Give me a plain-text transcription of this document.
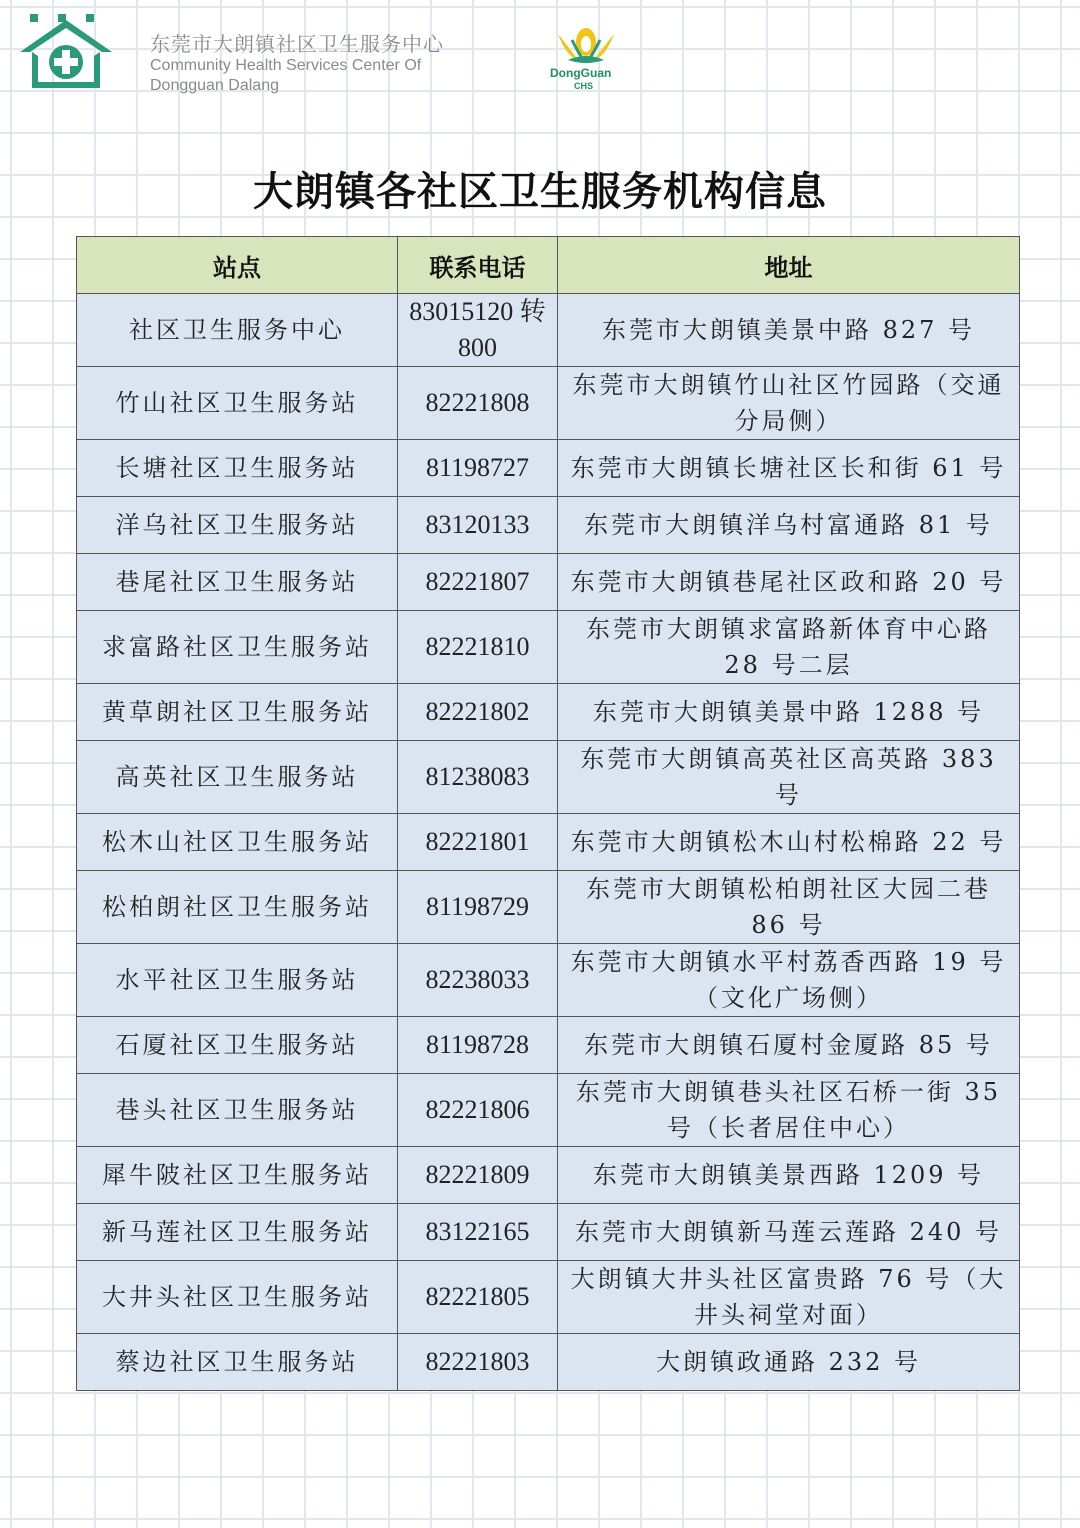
东莞市大朗镇社区卫生服务中心
Community Health Services Center Of
Dongguan Dalang
DongGuan
CHS
大朗镇各社区卫生服务机构信息
站点	联系电话	地址
社区卫生服务中心	83015120 转 800	东莞市大朗镇美景中路 827 号
竹山社区卫生服务站	82221808	东莞市大朗镇竹山社区竹园路（交通分局侧）
长塘社区卫生服务站	81198727	东莞市大朗镇长塘社区长和街 61 号
洋乌社区卫生服务站	83120133	东莞市大朗镇洋乌村富通路 81 号
巷尾社区卫生服务站	82221807	东莞市大朗镇巷尾社区政和路 20 号
求富路社区卫生服务站	82221810	东莞市大朗镇求富路新体育中心路 28 号二层
黄草朗社区卫生服务站	82221802	东莞市大朗镇美景中路 1288 号
高英社区卫生服务站	81238083	东莞市大朗镇高英社区高英路 383 号
松木山社区卫生服务站	82221801	东莞市大朗镇松木山村松棉路 22 号
松柏朗社区卫生服务站	81198729	东莞市大朗镇松柏朗社区大园二巷 86 号
水平社区卫生服务站	82238033	东莞市大朗镇水平村荔香西路 19 号（文化广场侧）
石厦社区卫生服务站	81198728	东莞市大朗镇石厦村金厦路 85 号
巷头社区卫生服务站	82221806	东莞市大朗镇巷头社区石桥一街 35 号（长者居住中心）
犀牛陂社区卫生服务站	82221809	东莞市大朗镇美景西路 1209 号
新马莲社区卫生服务站	83122165	东莞市大朗镇新马莲云莲路 240 号
大井头社区卫生服务站	82221805	大朗镇大井头社区富贵路 76 号（大井头祠堂对面）
蔡边社区卫生服务站	82221803	大朗镇政通路 232 号
